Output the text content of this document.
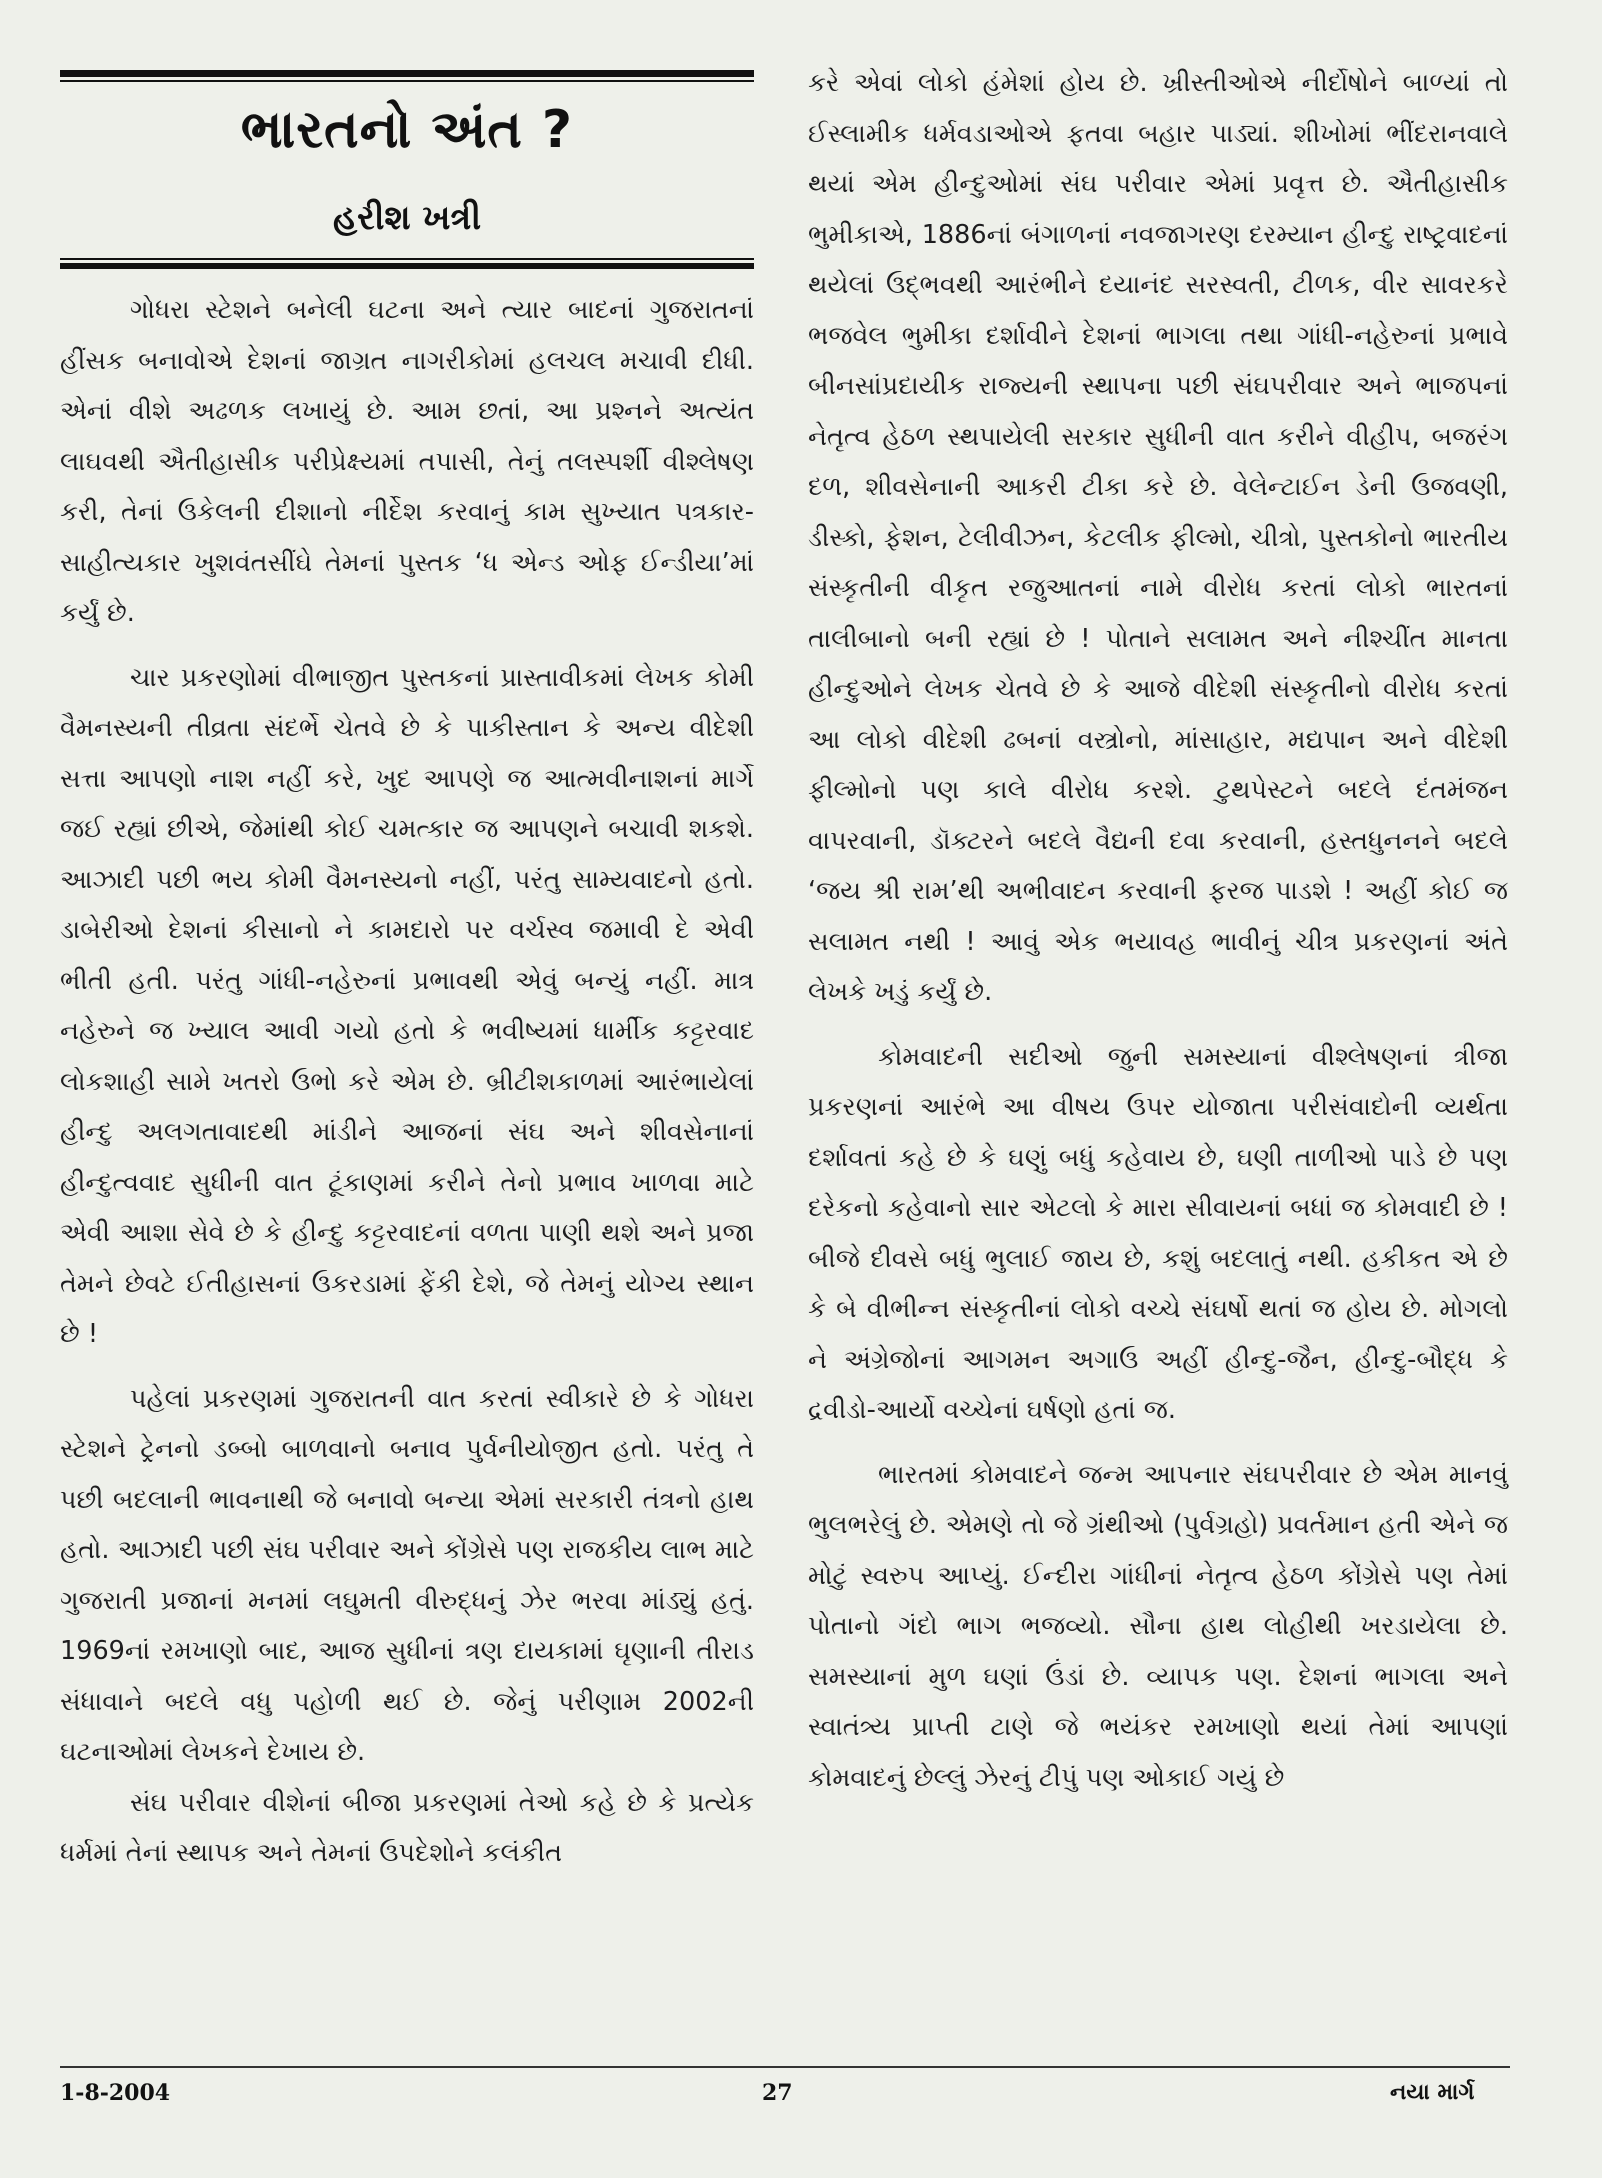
ભારતનો અંત ?
હરીશ ખત્રી

ગોધરા સ્ટેશને બનેલી ઘટના અને ત્યાર બાદનાં ગુજરાતનાં હીંસક બનાવોએ દેશનાં જાગ્રત નાગરીકોમાં હલચલ મચાવી દીધી. એનાં વીશે અઢળક લખાયું છે. આમ છતાં, આ પ્રશ્નને અત્યંત લાઘવથી ઐતીહાસીક પરીપ્રેક્ષ્યમાં તપાસી, તેનું તલસ્પર્શી વીશ્લેષણ કરી, તેનાં ઉકેલની દીશાનો નીર્દેશ કરવાનું કામ સુખ્યાત પત્રકાર-સાહીત્યકાર ખુશવંતસીંઘે તેમનાં પુસ્તક ‘ધ એન્ડ ઓફ ઈન્ડીયા’માં કર્યું છે.

ચાર પ્રકરણોમાં વીભાજીત પુસ્તકનાં પ્રાસ્તાવીકમાં લેખક કોમી વૈમનસ્યની તીવ્રતા સંદર્ભે ચેતવે છે કે પાકીસ્તાન કે અન્ય વીદેશી સત્તા આપણો નાશ નહીં કરે, ખુદ આપણે જ આત્મવીનાશનાં માર્ગે જઈ રહ્યાં છીએ, જેમાંથી કોઈ ચમત્કાર જ આપણને બચાવી શકશે. આઝાદી પછી ભય કોમી વૈમનસ્યનો નહીં, પરંતુ સામ્યવાદનો હતો. ડાબેરીઓ દેશનાં કીસાનો ને કામદારો પર વર્ચસ્વ જમાવી દે એવી ભીતી હતી. પરંતુ ગાંધી-નહેરુનાં પ્રભાવથી એવું બન્યું નહીં. માત્ર નહેરુને જ ખ્યાલ આવી ગયો હતો કે ભવીષ્યમાં ધાર્મીક કટ્ટરવાદ લોકશાહી સામે ખતરો ઉભો કરે એમ છે. બ્રીટીશકાળમાં આરંભાયેલાં હીન્દુ અલગતાવાદથી માંડીને આજનાં સંઘ અને શીવસેનાનાં હીન્દુત્વવાદ સુધીની વાત ટૂંકાણમાં કરીને તેનો પ્રભાવ ખાળવા માટે એવી આશા સેવે છે કે હીન્દુ કટ્ટરવાદનાં વળતા પાણી થશે અને પ્રજા તેમને છેવટે ઈતીહાસનાં ઉકરડામાં ફેંકી દેશે, જે તેમનું યોગ્ય સ્થાન છે !

પહેલાં પ્રકરણમાં ગુજરાતની વાત કરતાં સ્વીકારે છે કે ગોધરા સ્ટેશને ટ્રેનનો ડબ્બો બાળવાનો બનાવ પુર્વનીયોજીત હતો. પરંતુ તે પછી બદલાની ભાવનાથી જે બનાવો બન્યા એમાં સરકારી તંત્રનો હાથ હતો. આઝાદી પછી સંઘ પરીવાર અને કોંગ્રેસે પણ રાજકીય લાભ માટે ગુજરાતી પ્રજાનાં મનમાં લઘુમતી વીરુદ્ધનું ઝેર ભરવા માંડ્યું હતું. 1969નાં રમખાણો બાદ, આજ સુધીનાં ત્રણ દાયકામાં ઘૃણાની તીરાડ સંધાવાને બદલે વધુ પહોળી થઈ છે. જેનું પરીણામ 2002ની ઘટનાઓમાં લેખકને દેખાય છે.

સંઘ પરીવાર વીશેનાં બીજા પ્રકરણમાં તેઓ કહે છે કે પ્રત્યેક ધર્મમાં તેનાં સ્થાપક અને તેમનાં ઉપદેશોને કલંકીત

કરે એવાં લોકો હંમેશાં હોય છે. ખ્રીસ્તીઓએ નીર્દોષોને બાળ્યાં તો ઈસ્લામીક ધર્મવડાઓએ ફતવા બહાર પાડ્યાં. શીખોમાં ભીંદરાનવાલે થયાં એમ હીન્દુઓમાં સંઘ પરીવાર એમાં પ્રવૃત્ત છે. ઐતીહાસીક ભુમીકાએ, 1886નાં બંગાળનાં નવજાગરણ દરમ્યાન હીન્દુ રાષ્ટ્રવાદનાં થયેલાં ઉદ્ભવથી આરંભીને દયાનંદ સરસ્વતી, ટીળક, વીર સાવરકરે ભજવેલ ભુમીકા દર્શાવીને દેશનાં ભાગલા તથા ગાંધી-નહેરુનાં પ્રભાવે બીનસાંપ્રદાયીક રાજ્યની સ્થાપના પછી સંઘપરીવાર અને ભાજપનાં નેતૃત્વ હેઠળ સ્થપાયેલી સરકાર સુધીની વાત કરીને વીહીપ, બજરંગ દળ, શીવસેનાની આકરી ટીકા કરે છે. વેલેન્ટાઈન ડેની ઉજવણી, ડીસ્કો, ફેશન, ટેલીવીઝન, કેટલીક ફીલ્મો, ચીત્રો, પુસ્તકોનો ભારતીય સંસ્કૃતીની વીકૃત રજુઆતનાં નામે વીરોધ કરતાં લોકો ભારતનાં તાલીબાનો બની રહ્યાં છે ! પોતાને સલામત અને નીશ્ચીંત માનતા હીન્દુઓને લેખક ચેતવે છે કે આજે વીદેશી સંસ્કૃતીનો વીરોધ કરતાં આ લોકો વીદેશી ઢબનાં વસ્ત્રોનો, માંસાહાર, મદ્યપાન અને વીદેશી ફીલ્મોનો પણ કાલે વીરોધ કરશે. ટુથપેસ્ટને બદલે દંતમંજન વાપરવાની, ડૉક્ટરને બદલે વૈદ્યની દવા કરવાની, હસ્તધુનનને બદલે ‘જય શ્રી રામ’થી અભીવાદન કરવાની ફરજ પાડશે ! અહીં કોઈ જ સલામત નથી ! આવું એક ભયાવહ ભાવીનું ચીત્ર પ્રકરણનાં અંતે લેખકે ખડું કર્યું છે.

કોમવાદની સદીઓ જુની સમસ્યાનાં વીશ્લેષણનાં ત્રીજા પ્રકરણનાં આરંભે આ વીષય ઉપર યોજાતા પરીસંવાદોની વ્યર્થતા દર્શાવતાં કહે છે કે ઘણું બધું કહેવાય છે, ઘણી તાળીઓ પાડે છે પણ દરેકનો કહેવાનો સાર એટલો કે મારા સીવાયનાં બધાં જ કોમવાદી છે ! બીજે દીવસે બધું ભુલાઈ જાય છે, કશું બદલાતું નથી. હકીકત એ છે કે બે વીભીન્ન સંસ્કૃતીનાં લોકો વચ્ચે સંઘર્ષો થતાં જ હોય છે. મોગલો ને અંગ્રેજોનાં આગમન અગાઉ અહીં હીન્દુ-જૈન, હીન્દુ-બૌદ્ધ કે દ્રવીડો-આર્યો વચ્ચેનાં ઘર્ષણો હતાં જ.

ભારતમાં કોમવાદને જન્મ આપનાર સંઘપરીવાર છે એમ માનવું ભુલભરેલું છે. એમણે તો જે ગ્રંથીઓ (પુર્વગ્રહો) પ્રવર્તમાન હતી એને જ મોટું સ્વરુપ આપ્યું. ઈન્દીરા ગાંધીનાં નેતૃત્વ હેઠળ કોંગ્રેસે પણ તેમાં પોતાનો ગંદો ભાગ ભજવ્યો. સૌના હાથ લોહીથી ખરડાયેલા છે. સમસ્યાનાં મુળ ઘણાં ઉંડાં છે. વ્યાપક પણ. દેશનાં ભાગલા અને સ્વાતંત્ર્ય પ્રાપ્તી ટાણે જે ભયંકર રમખાણો થયાં તેમાં આપણાં કોમવાદનું છેલ્લું ઝેરનું ટીપું પણ ઓકાઈ ગયું છે

1-8-2004	27	નયા માર્ગ
